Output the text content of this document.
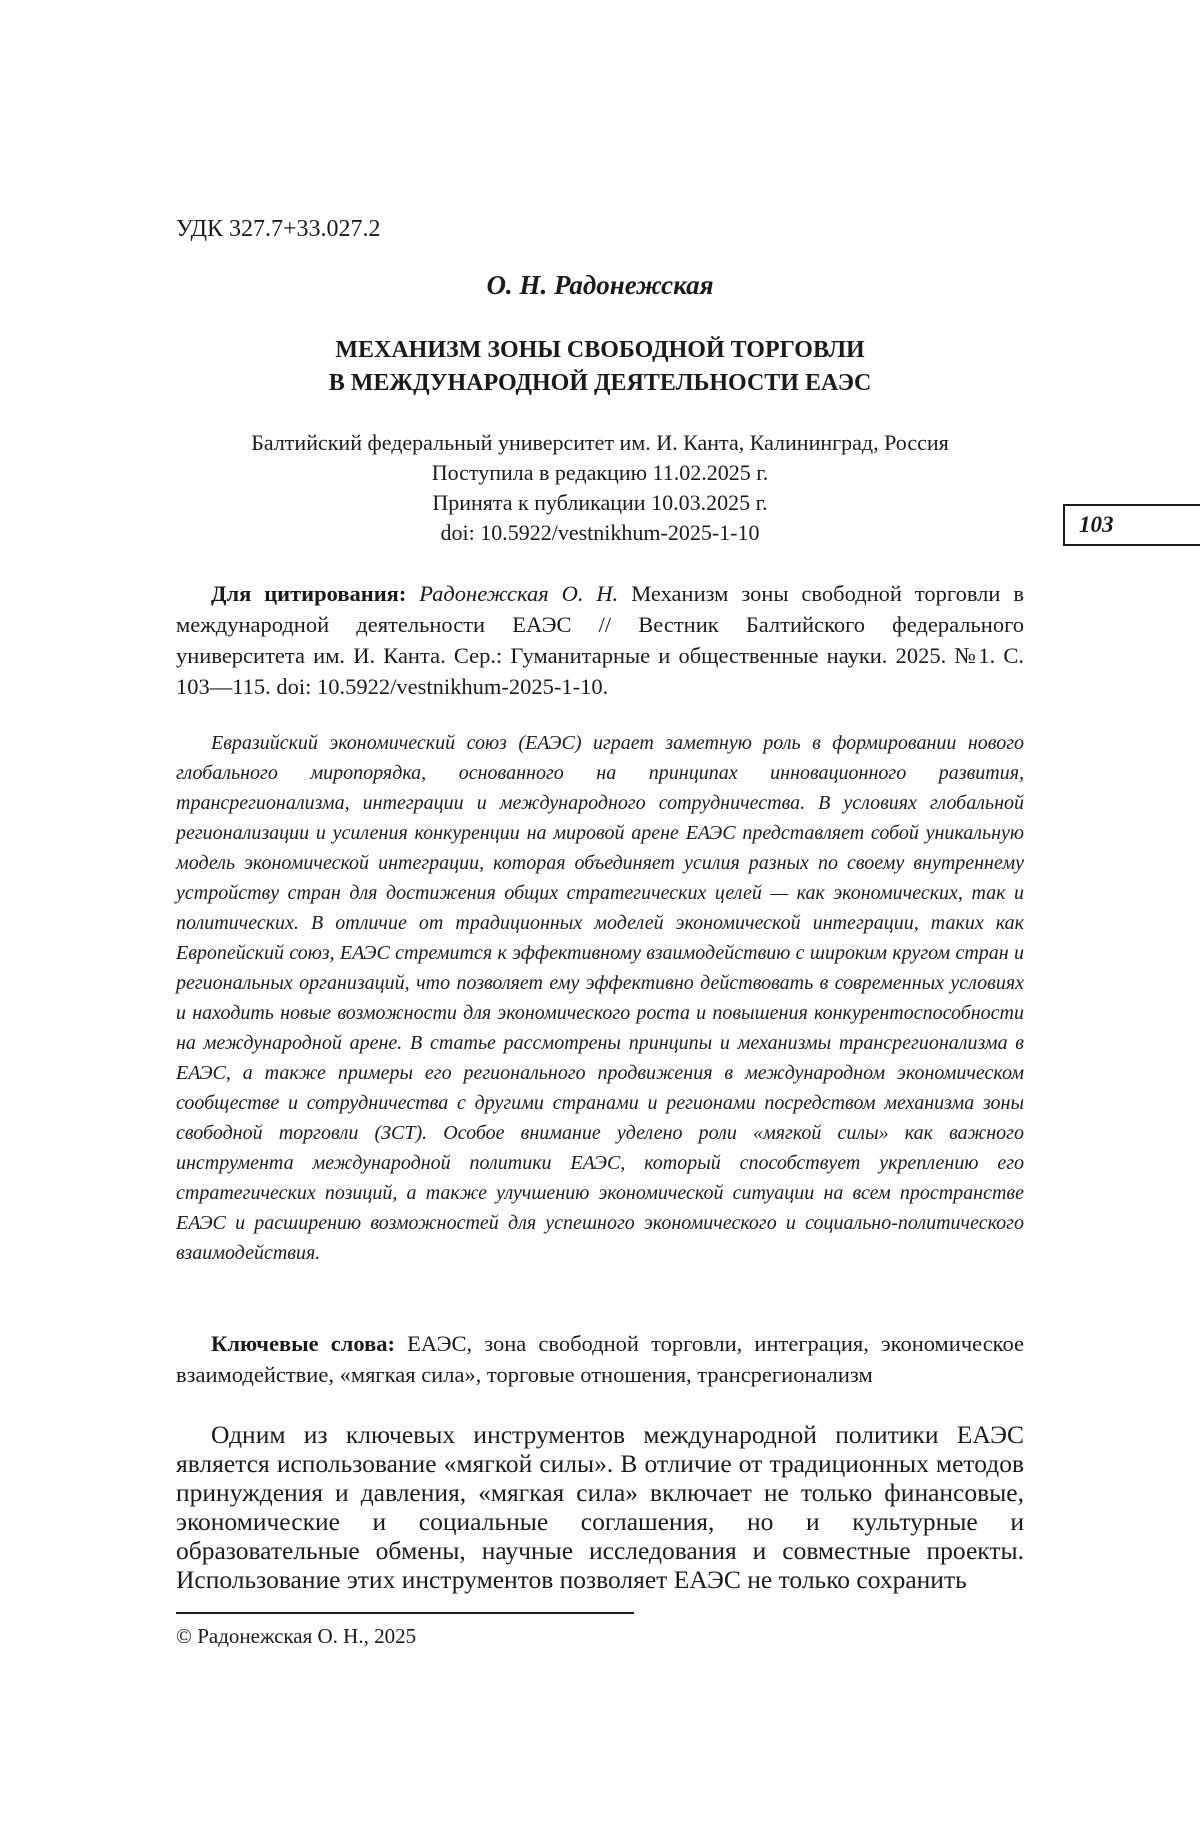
УДК 327.7+33.027.2
О. Н. Радонежская
МЕХАНИЗМ ЗОНЫ СВОБОДНОЙ ТОРГОВЛИ
В МЕЖДУНАРОДНОЙ ДЕЯТЕЛЬНОСТИ ЕАЭС
Балтийский федеральный университет им. И. Канта, Калининград, Россия
Поступила в редакцию 11.02.2025 г.
Принята к публикации 10.03.2025 г.
doi: 10.5922/vestnikhum-2025-1-10	103

Для цитирования: Радонежская О. Н. Механизм зоны свободной торговли в международной деятельности ЕАЭС // Вестник Балтийского федерального университета им. И. Канта. Сер.: Гуманитарные и общественные науки. 2025. №1. С. 103—115. doi: 10.5922/vestnikhum-2025-1-10.

Евразийский экономический союз (ЕАЭС) играет заметную роль в формировании нового глобального миропорядка, основанного на принципах инновационного развития, трансрегионализма, интеграции и международного сотрудничества. В условиях глобальной регионализации и усиления конкуренции на мировой арене ЕАЭС представляет собой уникальную модель экономической интеграции, которая объединяет усилия разных по своему внутреннему устройству стран для достижения общих стратегических целей — как экономических, так и политических. В отличие от традиционных моделей экономической интеграции, таких как Европейский союз, ЕАЭС стремится к эффективному взаимодействию с широким кругом стран и региональных организаций, что позволяет ему эффективно действовать в современных условиях и находить новые возможности для экономического роста и повышения конкурентоспособности на международной арене. В статье рассмотрены принципы и механизмы трансрегионализма в ЕАЭС, а также примеры его регионального продвижения в международном экономическом сообществе и сотрудничества с другими странами и регионами посредством механизма зоны свободной торговли (ЗСТ). Особое внимание уделено роли «мягкой силы» как важного инструмента международной политики ЕАЭС, который способствует укреплению его стратегических позиций, а также улучшению экономической ситуации на всем пространстве ЕАЭС и расширению возможностей для успешного экономического и социально-политического взаимодействия.

Ключевые слова: ЕАЭС, зона свободной торговли, интеграция, экономическое взаимодействие, «мягкая сила», торговые отношения, трансрегионализм

Одним из ключевых инструментов международной политики ЕАЭС является использование «мягкой силы». В отличие от традиционных методов принуждения и давления, «мягкая сила» включает не только финансовые, экономические и социальные соглашения, но и культурные и образовательные обмены, научные исследования и совместные проекты. Использование этих инструментов позволяет ЕАЭС не только сохранить

© Радонежская О. Н., 2025
